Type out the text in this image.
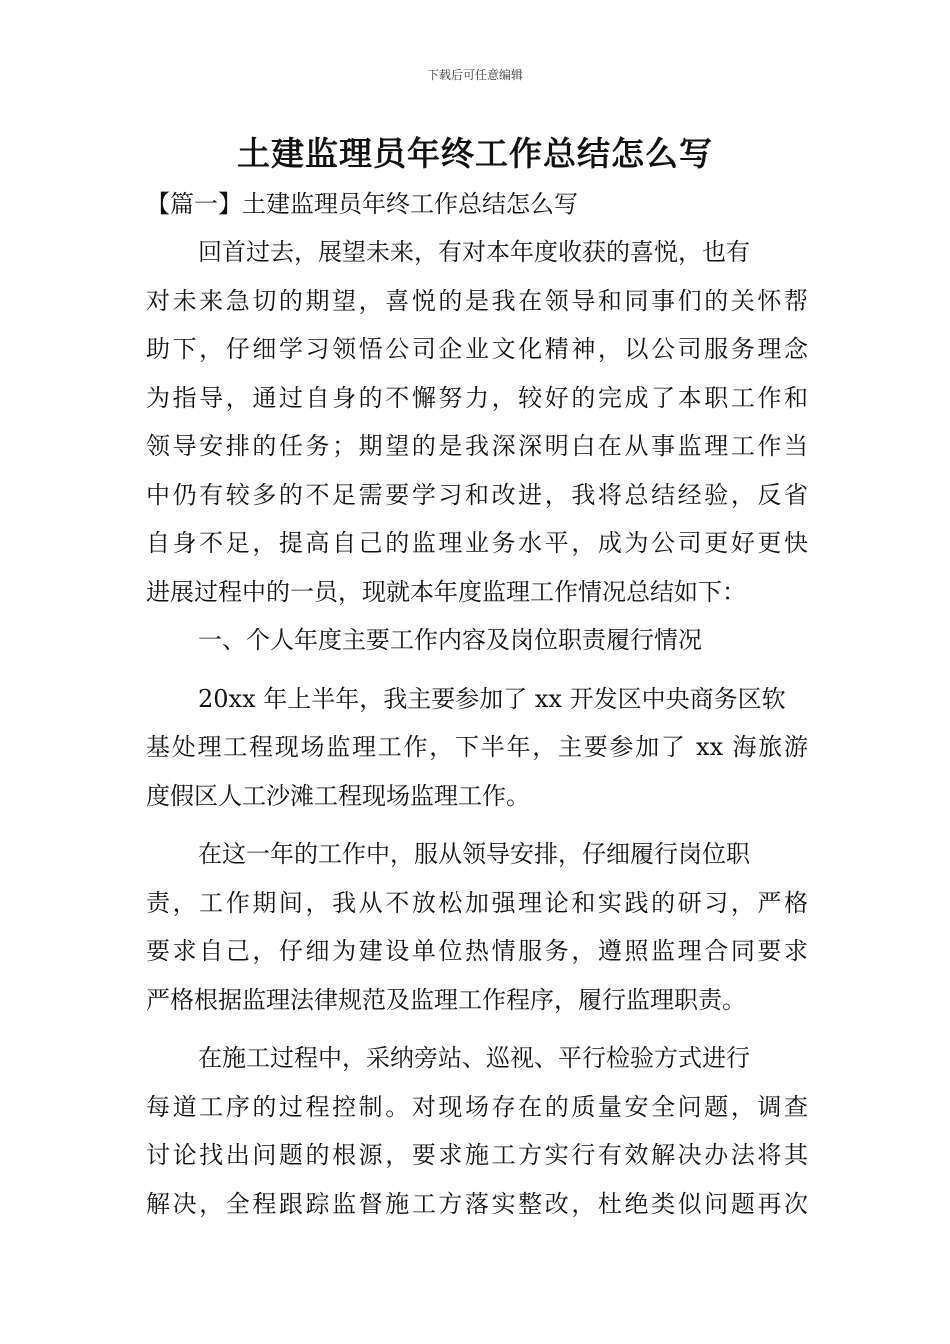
下载后可任意编辑
土建监理员年终工作总结怎么写
【篇一】土建监理员年终工作总结怎么写
回首过去，展望未来，有对本年度收获的喜悦，也有
对未来急切的期望，喜悦的是我在领导和同事们的关怀帮
助下，仔细学习领悟公司企业文化精神，以公司服务理念
为指导，通过自身的不懈努力，较好的完成了本职工作和
领导安排的任务；期望的是我深深明白在从事监理工作当
中仍有较多的不足需要学习和改进，我将总结经验，反省
自身不足，提高自己的监理业务水平，成为公司更好更快
进展过程中的一员，现就本年度监理工作情况总结如下：
一、个人年度主要工作内容及岗位职责履行情况
20xx 年上半年，我主要参加了 xx 开发区中央商务区软
基处理工程现场监理工作，下半年，主要参加了 xx 海旅游
度假区人工沙滩工程现场监理工作。
在这一年的工作中，服从领导安排，仔细履行岗位职
责，工作期间，我从不放松加强理论和实践的研习，严格
要求自己，仔细为建设单位热情服务，遵照监理合同要求
严格根据监理法律规范及监理工作程序，履行监理职责。
在施工过程中，采纳旁站、巡视、平行检验方式进行
每道工序的过程控制。对现场存在的质量安全问题，调查
讨论找出问题的根源，要求施工方实行有效解决办法将其
解决，全程跟踪监督施工方落实整改，杜绝类似问题再次
